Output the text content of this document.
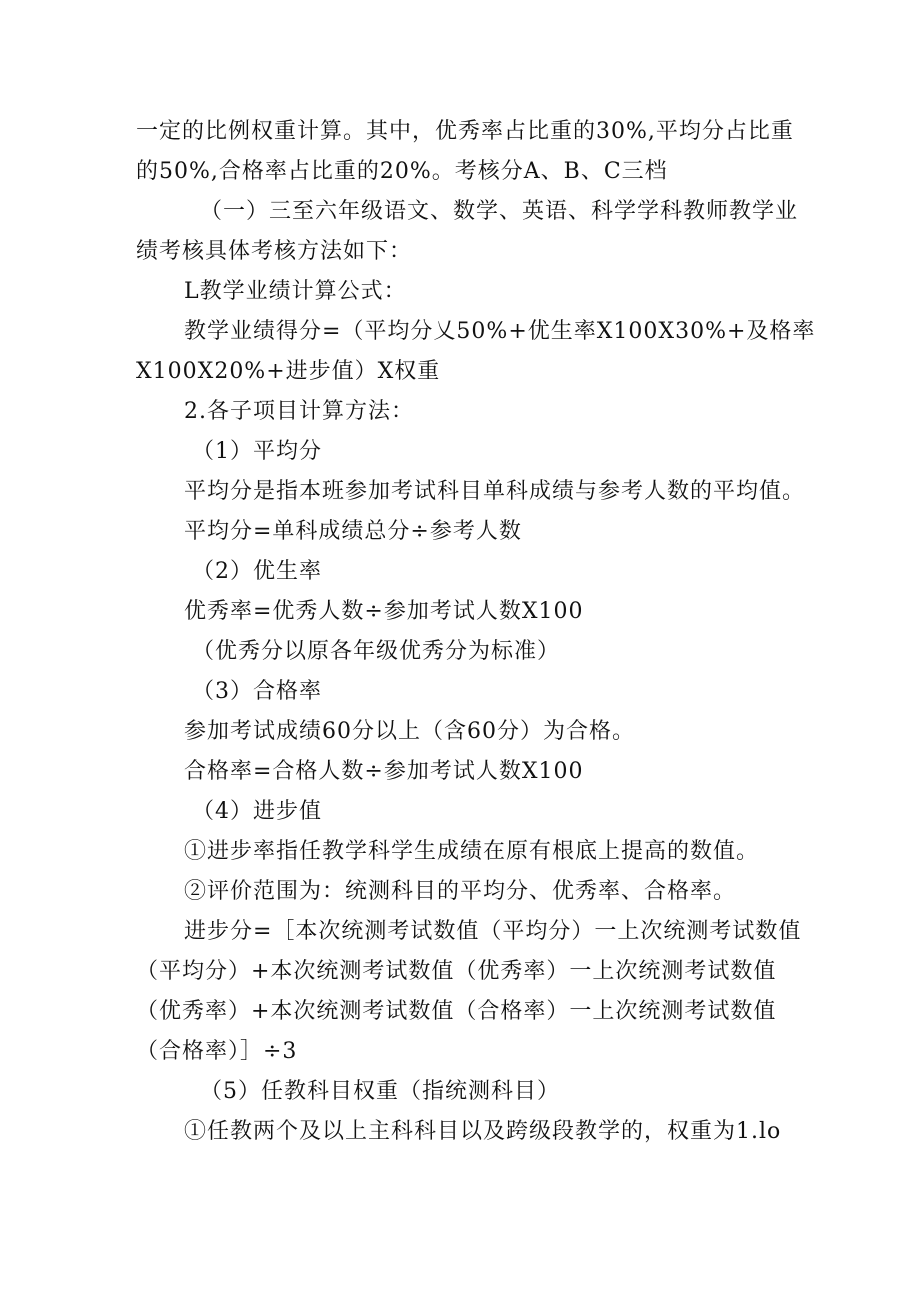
一定的比例权重计算。其中，优秀率占比重的30%,平均分占比重
的50%,合格率占比重的20%。考核分A、B、C三档
（一）三至六年级语文、数学、英语、科学学科教师教学业
绩考核具体考核方法如下：
L教学业绩计算公式：
教学业绩得分=（平均分乂50%+优生率X100X30%+及格率
X100X20%+进步值）X权重
2.各子项目计算方法：
（1）平均分
平均分是指本班参加考试科目单科成绩与参考人数的平均值。
平均分=单科成绩总分÷参考人数
（2）优生率
优秀率=优秀人数÷参加考试人数X100
（优秀分以原各年级优秀分为标准）
（3）合格率
参加考试成绩60分以上（含60分）为合格。
合格率=合格人数÷参加考试人数X100
（4）进步值
①进步率指任教学科学生成绩在原有根底上提高的数值。
②评价范围为：统测科目的平均分、优秀率、合格率。
进步分=［本次统测考试数值（平均分）一上次统测考试数值
（平均分）+本次统测考试数值（优秀率）一上次统测考试数值
（优秀率）+本次统测考试数值（合格率）一上次统测考试数值
（合格率）］÷3
（5）任教科目权重（指统测科目）
①任教两个及以上主科科目以及跨级段教学的，权重为1.lo
